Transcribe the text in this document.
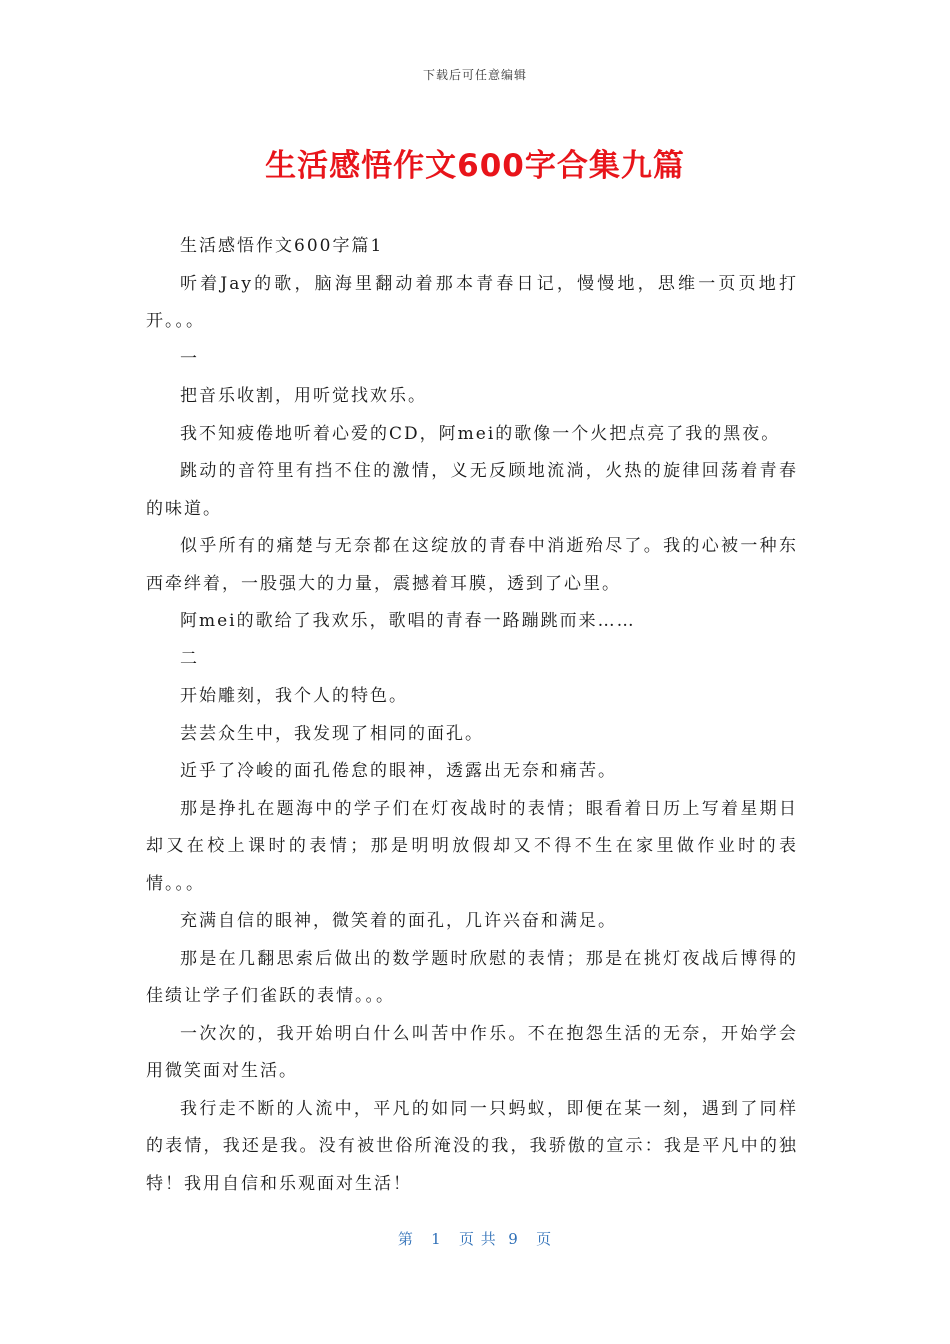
下载后可任意编辑
生活感悟作文600字合集九篇

生活感悟作文600字篇1

听着Jay的歌，脑海里翻动着那本青春日记，慢慢地，思维一页页地打开。。。

一

把音乐收割，用听觉找欢乐。

我不知疲倦地听着心爱的CD，阿mei的歌像一个火把点亮了我的黑夜。

跳动的音符里有挡不住的激情，义无反顾地流淌，火热的旋律回荡着青春的味道。

似乎所有的痛楚与无奈都在这绽放的青春中消逝殆尽了。我的心被一种东西牵绊着，一股强大的力量，震撼着耳膜，透到了心里。

阿mei的歌给了我欢乐，歌唱的青春一路蹦跳而来……

二

开始雕刻，我个人的特色。

芸芸众生中，我发现了相同的面孔。

近乎了冷峻的面孔倦怠的眼神，透露出无奈和痛苦。

那是挣扎在题海中的学子们在灯夜战时的表情；眼看着日历上写着星期日却又在校上课时的表情；那是明明放假却又不得不生在家里做作业时的表情。。。

充满自信的眼神，微笑着的面孔，几许兴奋和满足。

那是在几翻思索后做出的数学题时欣慰的表情；那是在挑灯夜战后博得的佳绩让学子们雀跃的表情。。。

一次次的，我开始明白什么叫苦中作乐。不在抱怨生活的无奈，开始学会用微笑面对生活。

我行走不断的人流中，平凡的如同一只蚂蚁，即便在某一刻，遇到了同样的表情，我还是我。没有被世俗所淹没的我，我骄傲的宣示：我是平凡中的独特！我用自信和乐观面对生活！

第   1   页 共  9   页
